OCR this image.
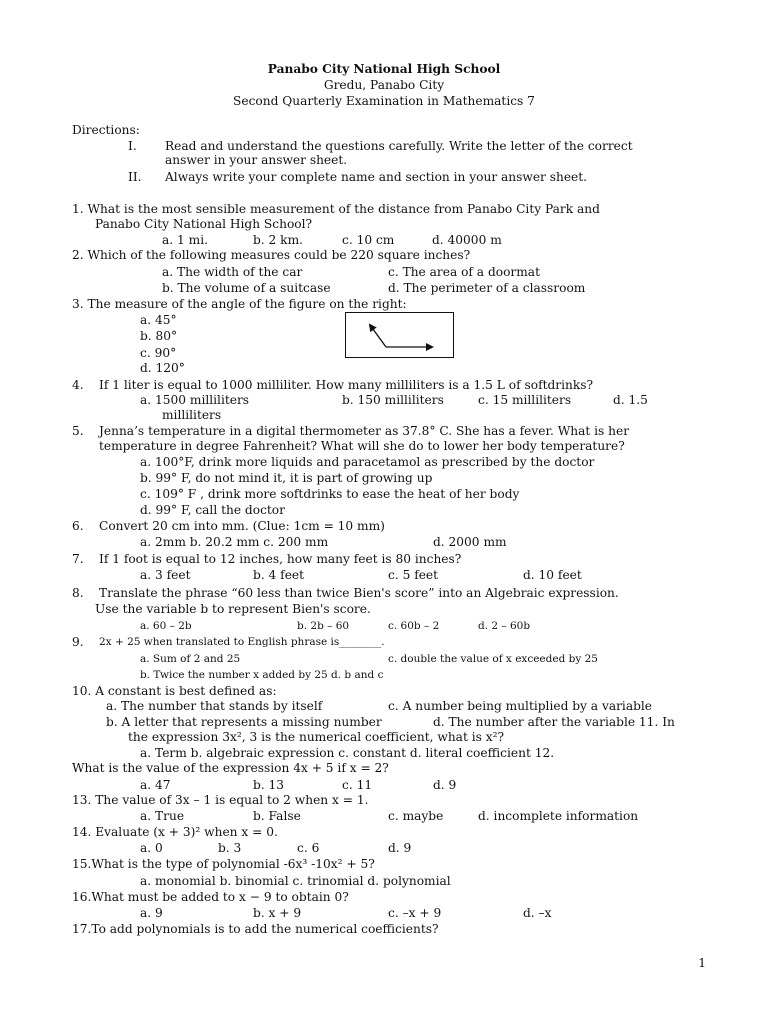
Panabo City National High School
Gredu, Panabo City
Second Quarterly Examination in Mathematics 7
Directions:
I. Read and understand the questions carefully. Write the letter of the correct
answer in your answer sheet.
II. Always write your complete name and section in your answer sheet.
1. What is the most sensible measurement of the distance from Panabo City Park and
Panabo City National High School?
a. 1 mi.	b. 2 km.	c. 10 cm	d. 40000 m
2. Which of the following measures could be 220 square inches?
a. The width of the car	c. The area of a doormat
b. The volume of a suitcase	d. The perimeter of a classroom
3. The measure of the angle of the figure on the right:
a. 45°
b. 80°
c. 90°
d. 120°
4. If 1 liter is equal to 1000 milliliter. How many milliliters is a 1.5 L of softdrinks?
a. 1500 milliliters	b. 150 milliliters	c. 15 milliliters	d. 1.5
milliliters
5. Jenna’s temperature in a digital thermometer as 37.8° C. She has a fever. What is her
temperature in degree Fahrenheit? What will she do to lower her body temperature?
a. 100°F, drink more liquids and paracetamol as prescribed by the doctor
b. 99° F, do not mind it, it is part of growing up
c. 109° F , drink more softdrinks to ease the heat of her body
d. 99° F, call the doctor
6. Convert 20 cm into mm. (Clue: 1cm = 10 mm)
a. 2mm b. 20.2 mm c. 200 mm	d. 2000 mm
7. If 1 foot is equal to 12 inches, how many feet is 80 inches?
a. 3 feet	b. 4 feet	c. 5 feet	d. 10 feet
8. Translate the phrase “60 less than twice Bien's score” into an Algebraic expression.
Use the variable b to represent Bien's score.
a. 60 – 2b	b. 2b – 60	c. 60b – 2	d. 2 – 60b
9. 2x + 25 when translated to English phrase is________.
a. Sum of 2 and 25	c. double the value of x exceeded by 25
b. Twice the number x added by 25 d. b and c
10. A constant is best defined as:
a. The number that stands by itself	c. A number being multiplied by a variable
b. A letter that represents a missing number	d. The number after the variable 11. In
the expression 3x², 3 is the numerical coefficient, what is x²?
a. Term b. algebraic expression c. constant d. literal coefficient 12.
What is the value of the expression 4x + 5 if x = 2?
a. 47	b. 13	c. 11	d. 9
13. The value of 3x – 1 is equal to 2 when x = 1.
a. True	b. False	c. maybe	d. incomplete information
14. Evaluate (x + 3)² when x = 0.
a. 0	b. 3	c. 6	d. 9
15.What is the type of polynomial -6x³ -10x² + 5?
a. monomial b. binomial c. trinomial d. polynomial
16.What must be added to x − 9 to obtain 0?
a. 9	b. x + 9	c. –x + 9	d. –x
17.To add polynomials is to add the numerical coefficients?
1
